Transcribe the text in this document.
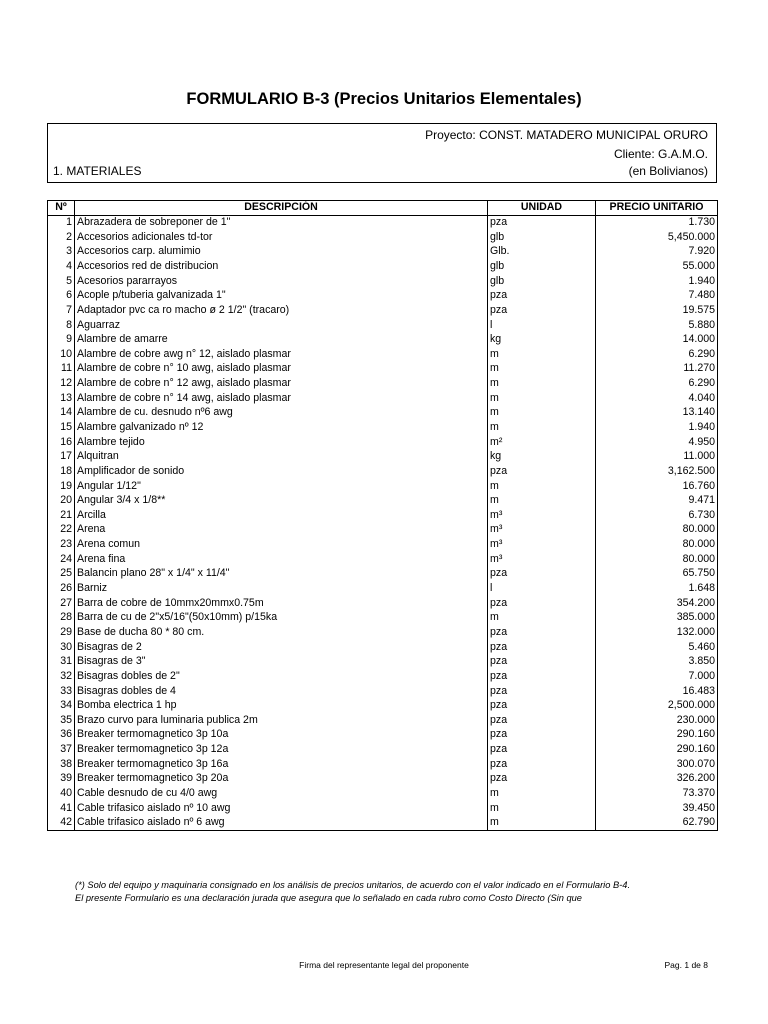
FORMULARIO B-3 (Precios Unitarios Elementales)
Proyecto: CONST. MATADERO MUNICIPAL ORURO
Cliente: G.A.M.O.
1. MATERIALES	(en Bolivianos)
Nº	DESCRIPCIÓN	UNIDAD	PRECIO UNITARIO
1	Abrazadera de sobreponer de 1"	pza	1.730
2	Accesorios adicionales td-tor	glb	5,450.000
3	Accesorios carp. alumimio	Glb.	7.920
4	Accesorios red de distribucion	glb	55.000
5	Acesorios pararrayos	glb	1.940
6	Acople p/tuberia galvanizada 1"	pza	7.480
7	Adaptador pvc ca ro macho ø 2 1/2" (tracaro)	pza	19.575
8	Aguarraz	l	5.880
9	Alambre de amarre	kg	14.000
10	Alambre de cobre awg n° 12, aislado plasmar	m	6.290
11	Alambre de cobre n° 10 awg, aislado plasmar	m	11.270
12	Alambre de cobre n° 12 awg, aislado plasmar	m	6.290
13	Alambre de cobre n° 14 awg, aislado plasmar	m	4.040
14	Alambre de cu. desnudo nº6 awg	m	13.140
15	Alambre galvanizado nº 12	m	1.940
16	Alambre tejido	m²	4.950
17	Alquitran	kg	11.000
18	Amplificador de sonido	pza	3,162.500
19	Angular 1/12"	m	16.760
20	Angular 3/4 x 1/8**	m	9.471
21	Arcilla	m³	6.730
22	Arena	m³	80.000
23	Arena comun	m³	80.000
24	Arena fina	m³	80.000
25	Balancin plano 28" x 1/4" x 11/4"	pza	65.750
26	Barniz	l	1.648
27	Barra de cobre de 10mmx20mmx0.75m	pza	354.200
28	Barra de cu de 2"x5/16"(50x10mm) p/15ka	m	385.000
29	Base de ducha 80 * 80 cm.	pza	132.000
30	Bisagras de 2	pza	5.460
31	Bisagras de 3"	pza	3.850
32	Bisagras dobles de 2"	pza	7.000
33	Bisagras dobles de 4	pza	16.483
34	Bomba electrica 1 hp	pza	2,500.000
35	Brazo curvo para luminaria publica 2m	pza	230.000
36	Breaker termomagnetico 3p 10a	pza	290.160
37	Breaker termomagnetico 3p 12a	pza	290.160
38	Breaker termomagnetico 3p 16a	pza	300.070
39	Breaker termomagnetico 3p 20a	pza	326.200
40	Cable desnudo de cu 4/0 awg	m	73.370
41	Cable trifasico aislado nº 10 awg	m	39.450
42	Cable trifasico aislado nº 6 awg	m	62.790
(*) Solo del equipo y maquinaria consignado en los análisis de precios unitarios, de acuerdo con el valor indicado en el Formulario B-4.
El presente Formulario es una declaración jurada que asegura que lo señalado en cada rubro como Costo Directo (Sin que
Firma del representante legal del proponente	Pag. 1 de 8
